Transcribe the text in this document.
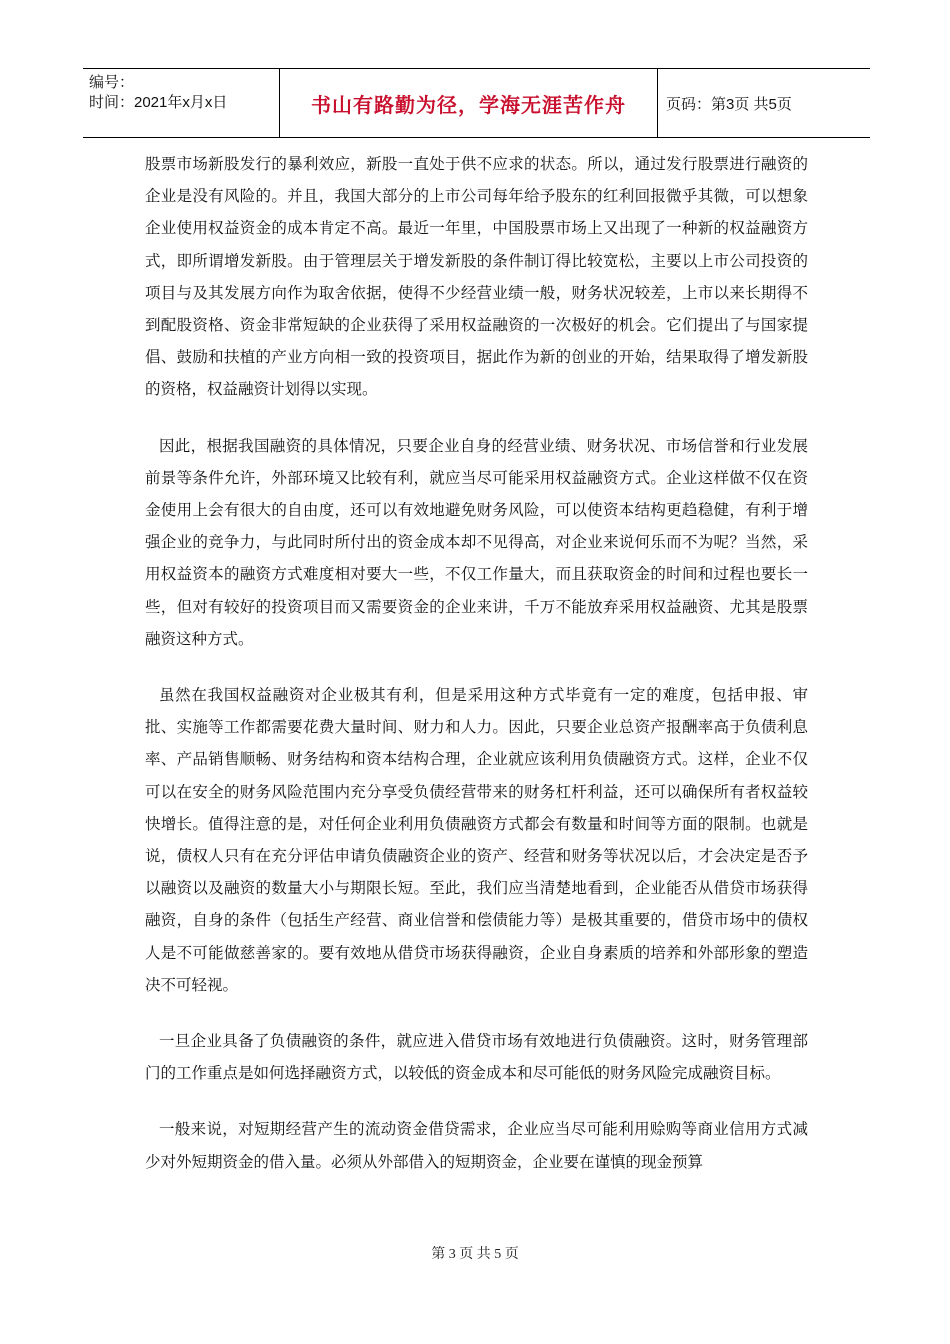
编号：
时间：2021年x月x日	书山有路勤为径，学海无涯苦作舟	页码：第3页 共5页

股票市场新股发行的暴利效应，新股一直处于供不应求的状态。所以，通过发行股票进行融资的企业是没有风险的。并且，我国大部分的上市公司每年给予股东的红利回报微乎其微，可以想象企业使用权益资金的成本肯定不高。最近一年里，中国股票市场上又出现了一种新的权益融资方式，即所谓增发新股。由于管理层关于增发新股的条件制订得比较宽松，主要以上市公司投资的项目与及其发展方向作为取舍依据，使得不少经营业绩一般，财务状况较差，上市以来长期得不到配股资格、资金非常短缺的企业获得了采用权益融资的一次极好的机会。它们提出了与国家提倡、鼓励和扶植的产业方向相一致的投资项目，据此作为新的创业的开始，结果取得了增发新股的资格，权益融资计划得以实现。

因此，根据我国融资的具体情况，只要企业自身的经营业绩、财务状况、市场信誉和行业发展前景等条件允许，外部环境又比较有利，就应当尽可能采用权益融资方式。企业这样做不仅在资金使用上会有很大的自由度，还可以有效地避免财务风险，可以使资本结构更趋稳健，有利于增强企业的竞争力，与此同时所付出的资金成本却不见得高，对企业来说何乐而不为呢？当然，采用权益资本的融资方式难度相对要大一些，不仅工作量大，而且获取资金的时间和过程也要长一些，但对有较好的投资项目而又需要资金的企业来讲，千万不能放弃采用权益融资、尤其是股票融资这种方式。

虽然在我国权益融资对企业极其有利，但是采用这种方式毕竟有一定的难度，包括申报、审批、实施等工作都需要花费大量时间、财力和人力。因此，只要企业总资产报酬率高于负债利息率、产品销售顺畅、财务结构和资本结构合理，企业就应该利用负债融资方式。这样，企业不仅可以在安全的财务风险范围内充分享受负债经营带来的财务杠杆利益，还可以确保所有者权益较快增长。值得注意的是，对任何企业利用负债融资方式都会有数量和时间等方面的限制。也就是说，债权人只有在充分评估申请负债融资企业的资产、经营和财务等状况以后，才会决定是否予以融资以及融资的数量大小与期限长短。至此，我们应当清楚地看到，企业能否从借贷市场获得融资，自身的条件（包括生产经营、商业信誉和偿债能力等）是极其重要的，借贷市场中的债权人是不可能做慈善家的。要有效地从借贷市场获得融资，企业自身素质的培养和外部形象的塑造决不可轻视。

一旦企业具备了负债融资的条件，就应进入借贷市场有效地进行负债融资。这时，财务管理部门的工作重点是如何选择融资方式，以较低的资金成本和尽可能低的财务风险完成融资目标。

一般来说，对短期经营产生的流动资金借贷需求，企业应当尽可能利用赊购等商业信用方式减少对外短期资金的借入量。必须从外部借入的短期资金，企业要在谨慎的现金预算

第 3 页 共 5 页
